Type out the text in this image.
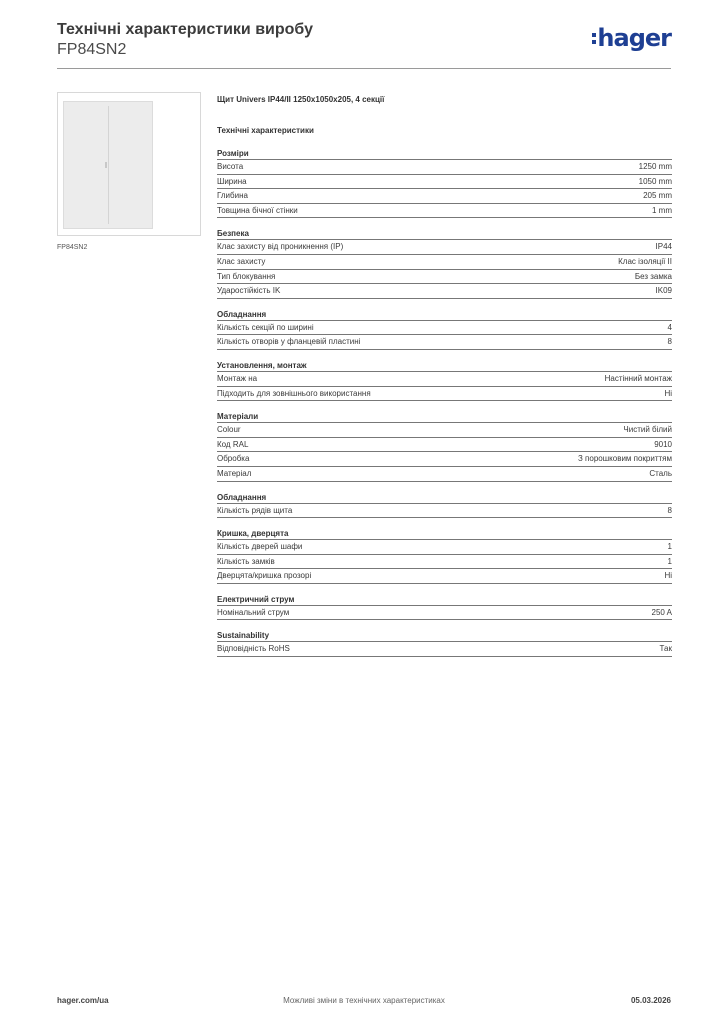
Технічні характеристики виробу
FP84SN2	hager
FP84SN2
Щит Univers IP44/II 1250x1050x205, 4 секції
Технічні характеристики
Розміри
Висота	1250 mm
Ширина	1050 mm
Глибина	205 mm
Товщина бічної стінки	1 mm
Безпека
Клас захисту від проникнення (IP)	IP44
Клас захисту	Клас ізоляції II
Тип блокування	Без замка
Ударостійкість IK	IK09
Обладнання
Кількість секцій по ширині	4
Кількість отворів у фланцевій пластині	8
Установлення, монтаж
Монтаж на	Настінний монтаж
Підходить для зовнішнього використання	Ні
Матеріали
Colour	Чистий білий
Код RAL	9010
Обробка	З порошковим покриттям
Матеріал	Сталь
Обладнання
Кількість рядів щита	8
Кришка, дверцята
Кількість дверей шафи	1
Кількість замків	1
Дверцята/кришка прозорі	Ні
Електричний струм
Номінальний струм	250 A
Sustainability
Відповідність RoHS	Так
hager.com/ua	Можливі зміни в технічних характеристиках	05.03.2026
